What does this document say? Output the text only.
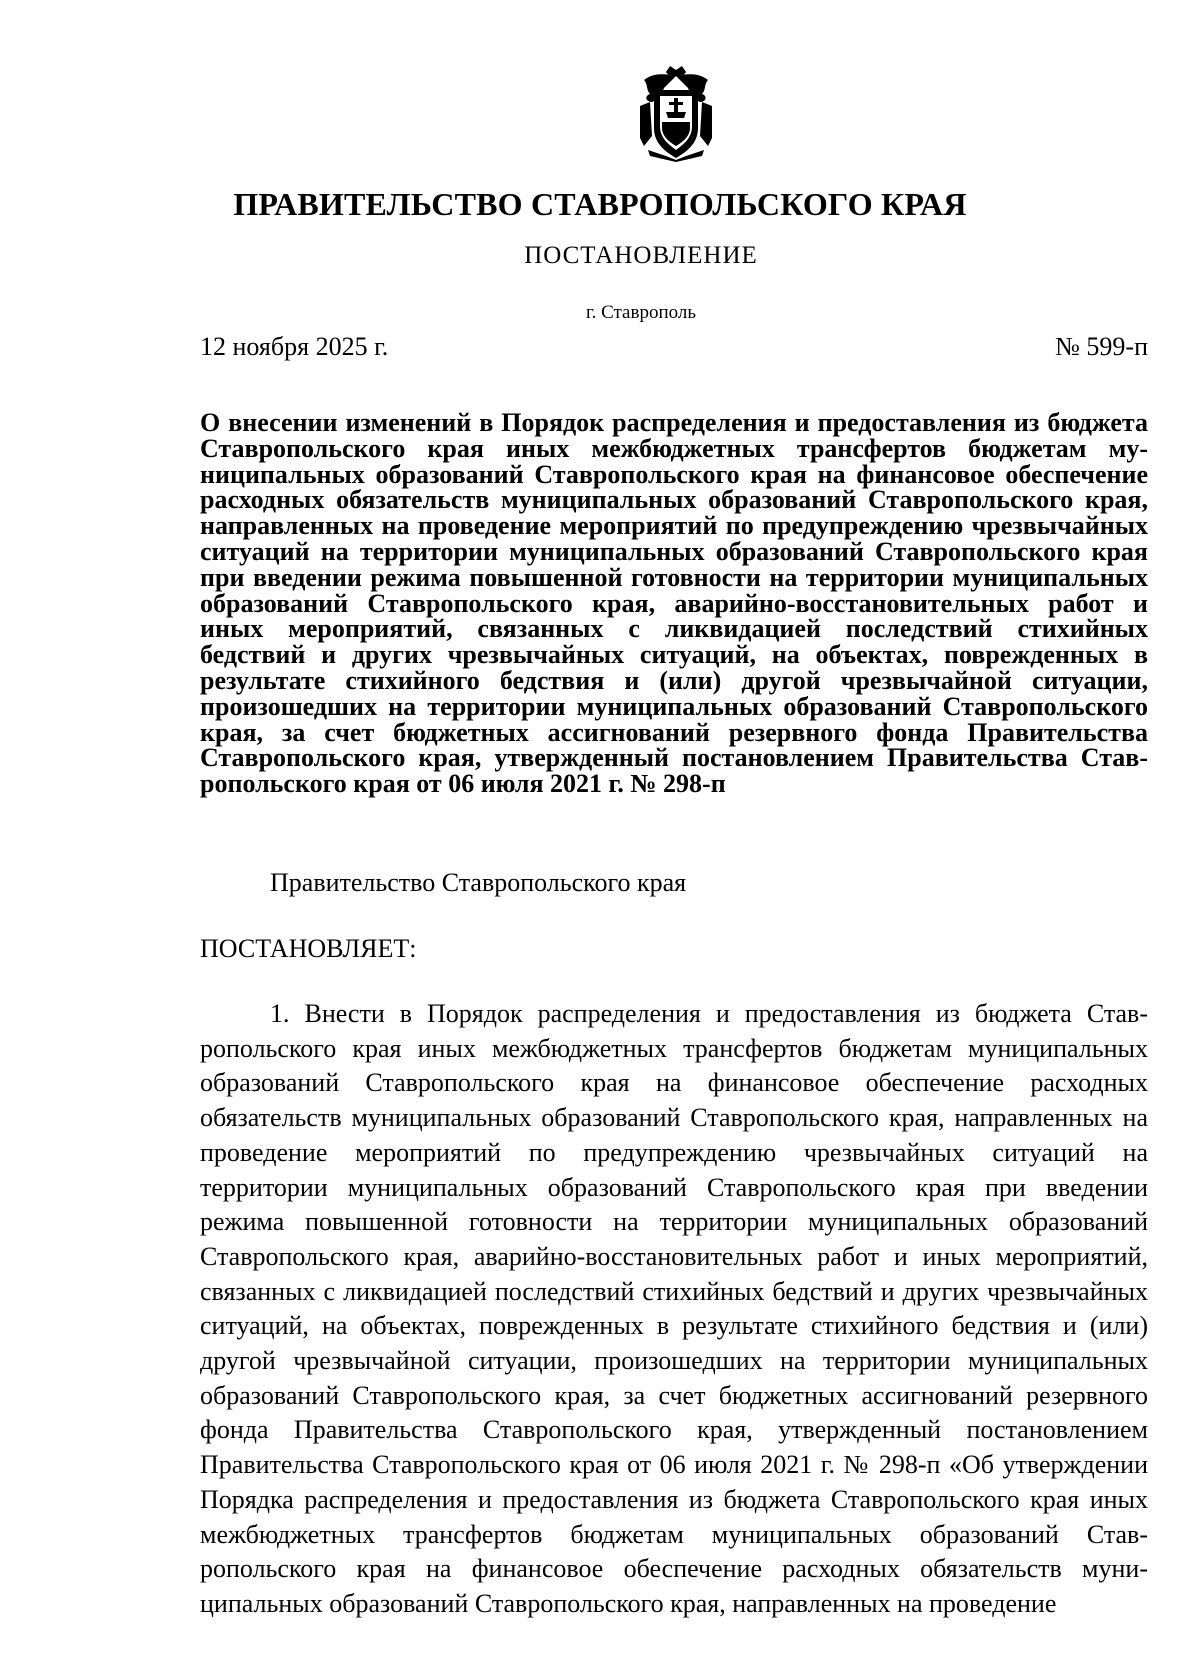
ПРАВИТЕЛЬСТВО СТАВРОПОЛЬСКОГО КРАЯ
ПОСТАНОВЛЕНИЕ
г. Ставрополь
12 ноября 2025 г.	№ 599-п
О внесении изменений в Порядок распределения и предоставления из бюджета Ставропольского края иных межбюджетных трансфертов бюджетам муниципальных образований Ставропольского края на финансовое обеспечение расходных обязательств муниципальных образований Ставропольского края, направленных на проведение мероприятий по предупреждению чрезвычайных ситуаций на территории муниципальных образований Ставропольского края при введении режима повышенной готовности на территории муниципальных образований Ставропольского края, аварийно-восстановительных работ и иных мероприятий, связанных с ликвидацией последствий стихийных бедствий и других чрезвычайных ситуаций, на объектах, поврежденных в результате стихийного бедствия и (или) другой чрезвычайной ситуации, произошедших на территории муниципальных образований Ставропольского края, за счет бюджетных ассигнований резервного фонда Правительства Ставропольского края, утвержденный постановлением Правительства Ставропольского края от 06 июля 2021 г. № 298-п
Правительство Ставропольского края
ПОСТАНОВЛЯЕТ:
1. Внести в Порядок распределения и предоставления из бюджета Ставропольского края иных межбюджетных трансфертов бюджетам муниципальных образований Ставропольского края на финансовое обеспечение расходных обязательств муниципальных образований Ставропольского края, направленных на проведение мероприятий по предупреждению чрезвычайных ситуаций на территории муниципальных образований Ставропольского края при введении режима повышенной готовности на территории муниципальных образований Ставропольского края, аварийно-восстановительных работ и иных мероприятий, связанных с ликвидацией последствий стихийных бедствий и других чрезвычайных ситуаций, на объектах, поврежденных в результате стихийного бедствия и (или) другой чрезвычайной ситуации, произошедших на территории муниципальных образований Ставропольского края, за счет бюджетных ассигнований резервного фонда Правительства Ставропольского края, утвержденный постановлением Правительства Ставропольского края от 06 июля 2021 г. № 298-п «Об утверждении Порядка распределения и предоставления из бюджета Ставропольского края иных межбюджетных трансфертов бюджетам муниципальных образований Ставропольского края на финансовое обеспечение расходных обязательств муниципальных образований Ставропольского края, направленных на проведение
